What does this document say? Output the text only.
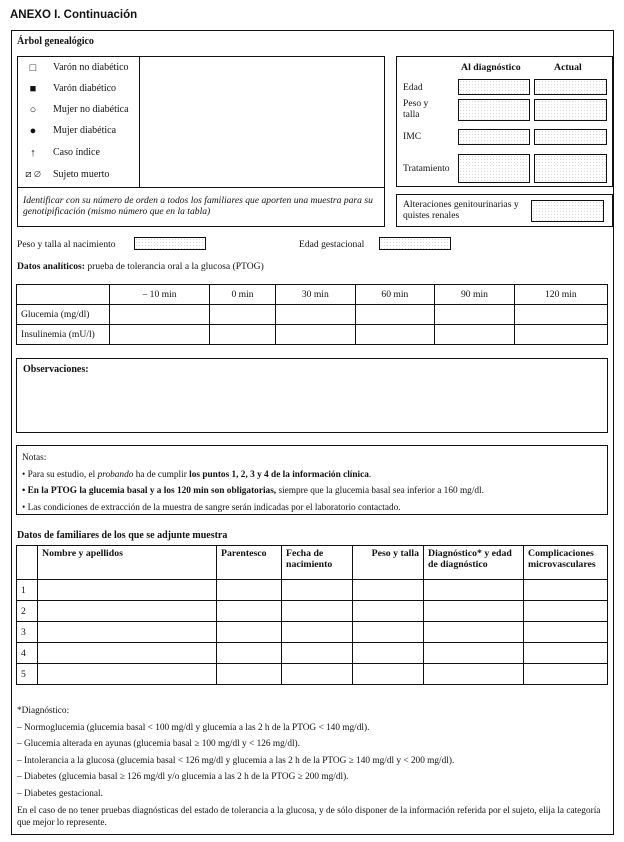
ANEXO I. Continuación
Árbol genealógico
□	Varón no diabético
■	Varón diabético
○	Mujer no diabética
●	Mujer diabética
↑	Caso índice
⧄ ∅	Sujeto muerto
Identificar con su número de orden a todos los familiares que aporten una muestra para su genotipificación (mismo número que en la tabla)
Al diagnóstico	Actual
Edad
Peso y talla
IMC
Tratamiento
Alteraciones genitourinarias y quistes renales
Peso y talla al nacimiento	Edad gestacional
Datos analíticos: prueba de tolerancia oral a la glucosa (PTOG)
	– 10 min	0 min	30 min	60 min	90 min	120 min
Glucemia (mg/dl)						
Insulinemia (mU/l)						
Observaciones:
Notas:
• Para su estudio, el probando ha de cumplir los puntos 1, 2, 3 y 4 de la información clínica.
• En la PTOG la glucemia basal y a los 120 min son obligatorias, siempre que la glucemia basal sea inferior a 160 mg/dl.
• Las condiciones de extracción de la muestra de sangre serán indicadas por el laboratorio contactado.
Datos de familiares de los que se adjunte muestra
	Nombre y apellidos	Parentesco	Fecha de nacimiento	Peso y talla	Diagnóstico* y edad de diagnóstico	Complicaciones microvasculares
1						
2						
3						
4						
5						
*Diagnóstico:
– Normoglucemia (glucemia basal < 100 mg/dl y glucemia a las 2 h de la PTOG < 140 mg/dl).
– Glucemia alterada en ayunas (glucemia basal ≥ 100 mg/dl y < 126 mg/dl).
– Intolerancia a la glucosa (glucemia basal < 126 mg/dl y glucemia a las 2 h de la PTOG ≥ 140 mg/dl y < 200 mg/dl).
– Diabetes (glucemia basal ≥ 126 mg/dl y/o glucemia a las 2 h de la PTOG ≥ 200 mg/dl).
– Diabetes gestacional.
En el caso de no tener pruebas diagnósticas del estado de tolerancia a la glucosa, y de sólo disponer de la información referida por el sujeto, elija la categoría que mejor lo represente.
